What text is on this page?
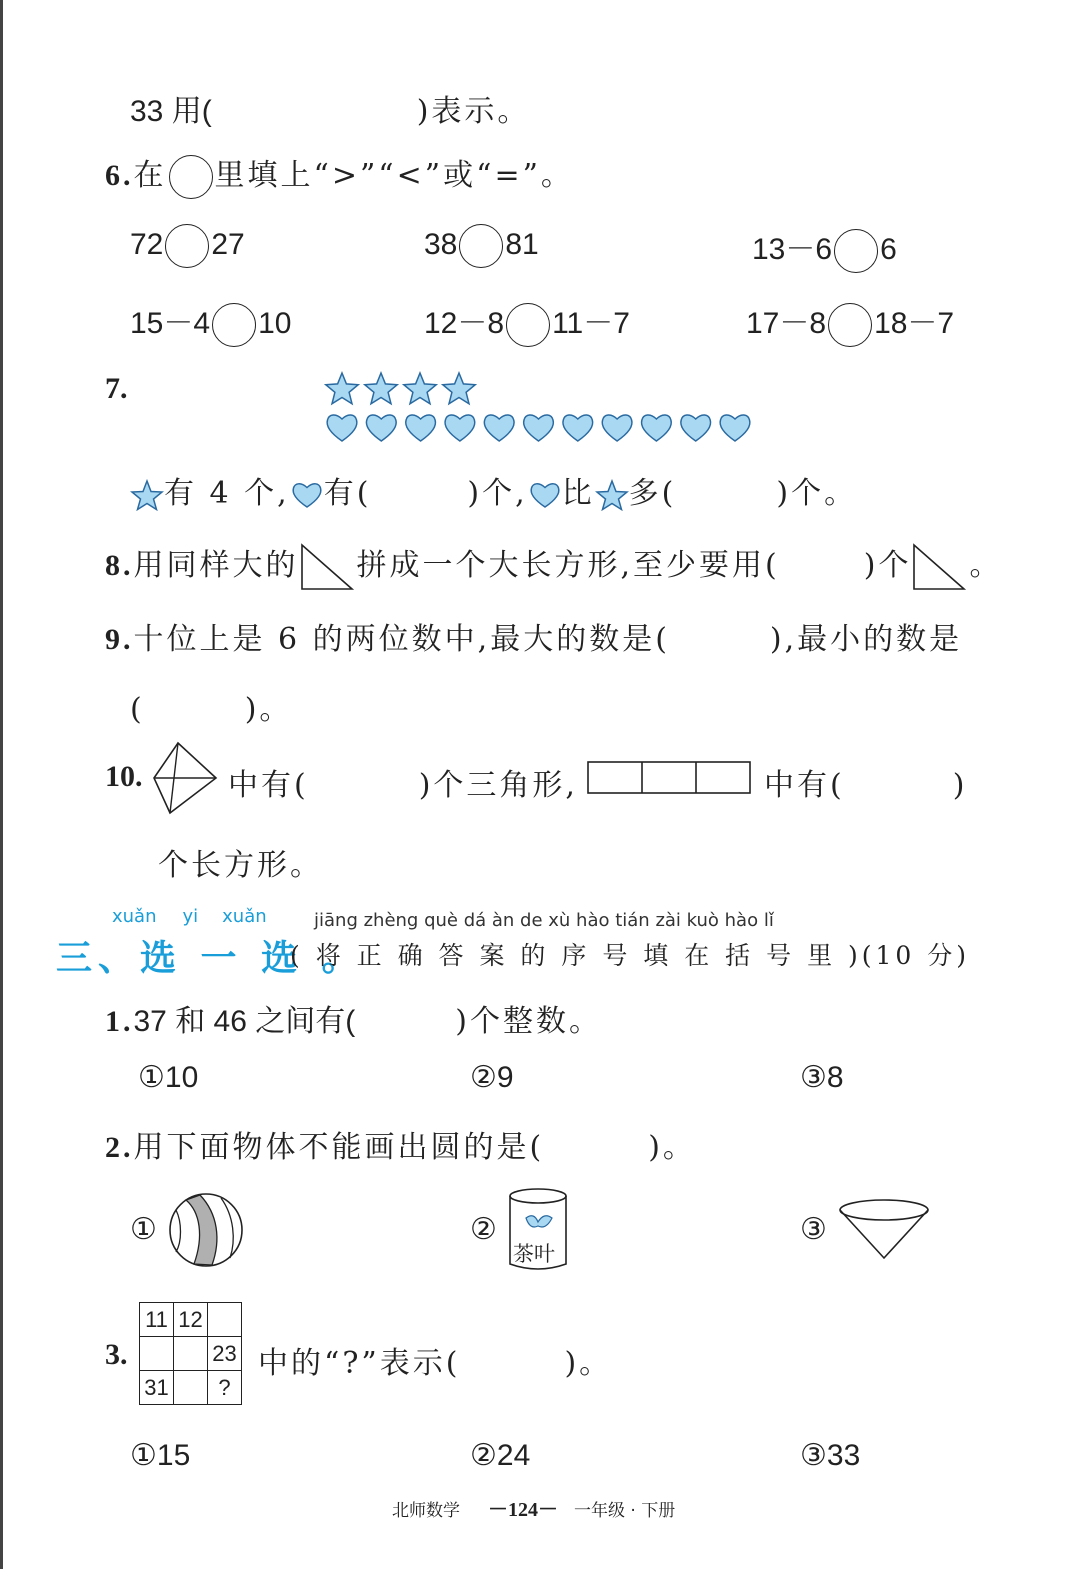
33 用(	)表示。
6.在 里填上“>”“<”或“=”。
72 27	38 81	13－6 6
15－4 10	12－8 11－7	17－8 18－7
7.
有 4 个, 有(	)个, 比 多(	)个。
8.用同样大的 拼成一个大长方形,至少要用(	)个 。
9.十位上是 6 的两位数中,最大的数是(	),最小的数是
(	)。
10.	中有(	)个三角形,	中有(	)
个长方形。
xuǎn yi xuǎn	jiāng zhèng què dá àn de xù hào tián zài kuò hào lǐ
三、选 一 选 。
( 将 正 确 答 案 的 序 号 填 在 括 号 里 )(10 分)
1.37 和 46 之间有(	)个整数。
①10	②9	③8
2.用下面物体不能画出圆的是(	)。
①	②
茶叶
③
3.
11	12	
		23
31		?
中的“?”表示(	)。
①15	②24	③33
北师数学 －124－ 一年级 · 下册
